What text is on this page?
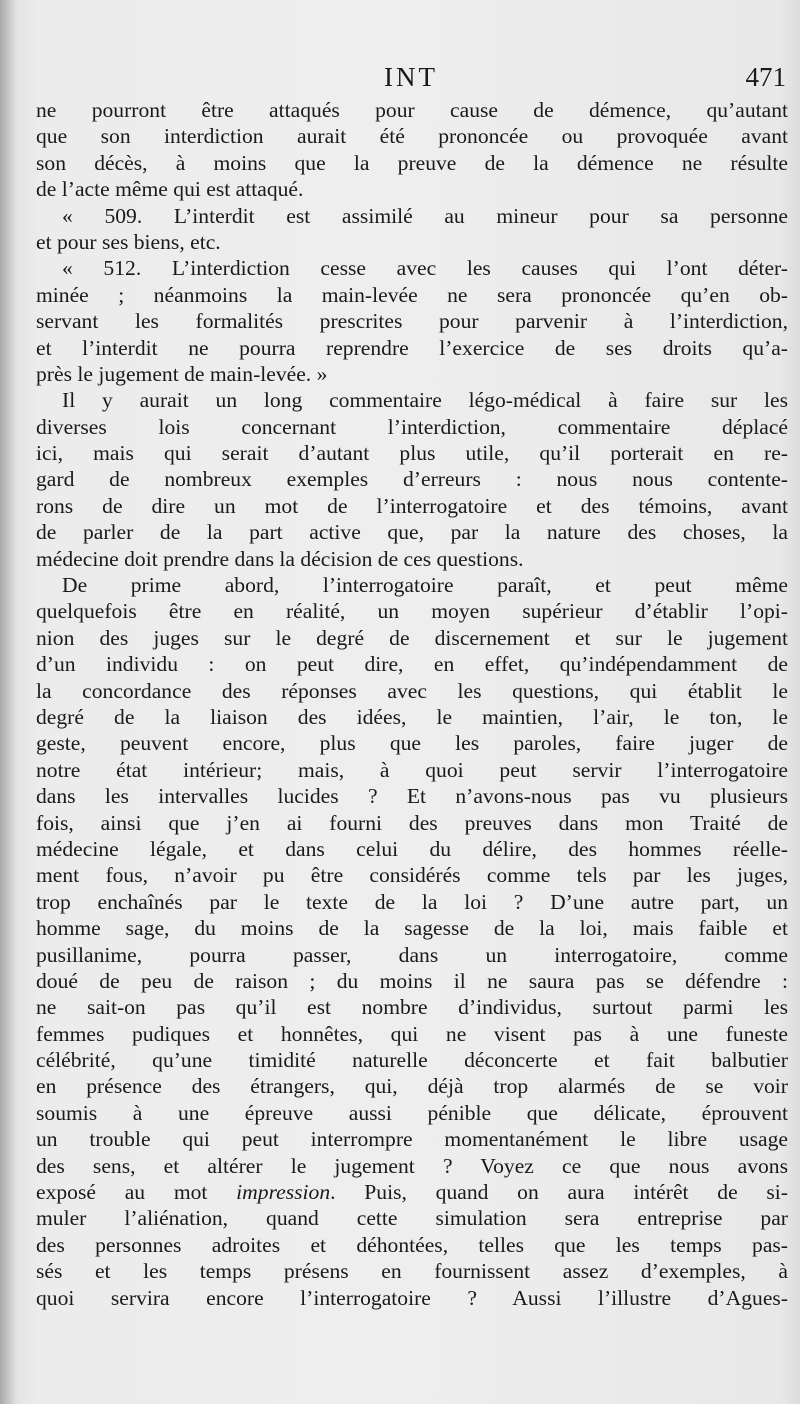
INT	471
ne pourront être attaqués pour cause de démence, qu’autant
que son interdiction aurait été prononcée ou provoquée avant
son décès, à moins que la preuve de la démence ne résulte
de l’acte même qui est attaqué.
« 509. L’interdit est assimilé au mineur pour sa personne
et pour ses biens, etc.
« 512. L’interdiction cesse avec les causes qui l’ont déter-
minée ; néanmoins la main-levée ne sera prononcée qu’en ob-
servant les formalités prescrites pour parvenir à l’interdiction,
et l’interdit ne pourra reprendre l’exercice de ses droits qu’a-
près le jugement de main-levée. »
Il y aurait un long commentaire légo-médical à faire sur les
diverses lois concernant l’interdiction, commentaire déplacé
ici, mais qui serait d’autant plus utile, qu’il porterait en re-
gard de nombreux exemples d’erreurs : nous nous contente-
rons de dire un mot de l’interrogatoire et des témoins, avant
de parler de la part active que, par la nature des choses, la
médecine doit prendre dans la décision de ces questions.
De prime abord, l’interrogatoire paraît, et peut même
quelquefois être en réalité, un moyen supérieur d’établir l’opi-
nion des juges sur le degré de discernement et sur le jugement
d’un individu : on peut dire, en effet, qu’indépendamment de
la concordance des réponses avec les questions, qui établit le
degré de la liaison des idées, le maintien, l’air, le ton, le
geste, peuvent encore, plus que les paroles, faire juger de
notre état intérieur; mais, à quoi peut servir l’interrogatoire
dans les intervalles lucides ? Et n’avons-nous pas vu plusieurs
fois, ainsi que j’en ai fourni des preuves dans mon Traité de
médecine légale, et dans celui du délire, des hommes réelle-
ment fous, n’avoir pu être considérés comme tels par les juges,
trop enchaînés par le texte de la loi ? D’une autre part, un
homme sage, du moins de la sagesse de la loi, mais faible et
pusillanime, pourra passer, dans un interrogatoire, comme
doué de peu de raison ; du moins il ne saura pas se défendre :
ne sait-on pas qu’il est nombre d’individus, surtout parmi les
femmes pudiques et honnêtes, qui ne visent pas à une funeste
célébrité, qu’une timidité naturelle déconcerte et fait balbutier
en présence des étrangers, qui, déjà trop alarmés de se voir
soumis à une épreuve aussi pénible que délicate, éprouvent
un trouble qui peut interrompre momentanément le libre usage
des sens, et altérer le jugement ? Voyez ce que nous avons
exposé au mot impression. Puis, quand on aura intérêt de si-
muler l’aliénation, quand cette simulation sera entreprise par
des personnes adroites et déhontées, telles que les temps pas-
sés et les temps présens en fournissent assez d’exemples, à
quoi servira encore l’interrogatoire ? Aussi l’illustre d’Agues-
